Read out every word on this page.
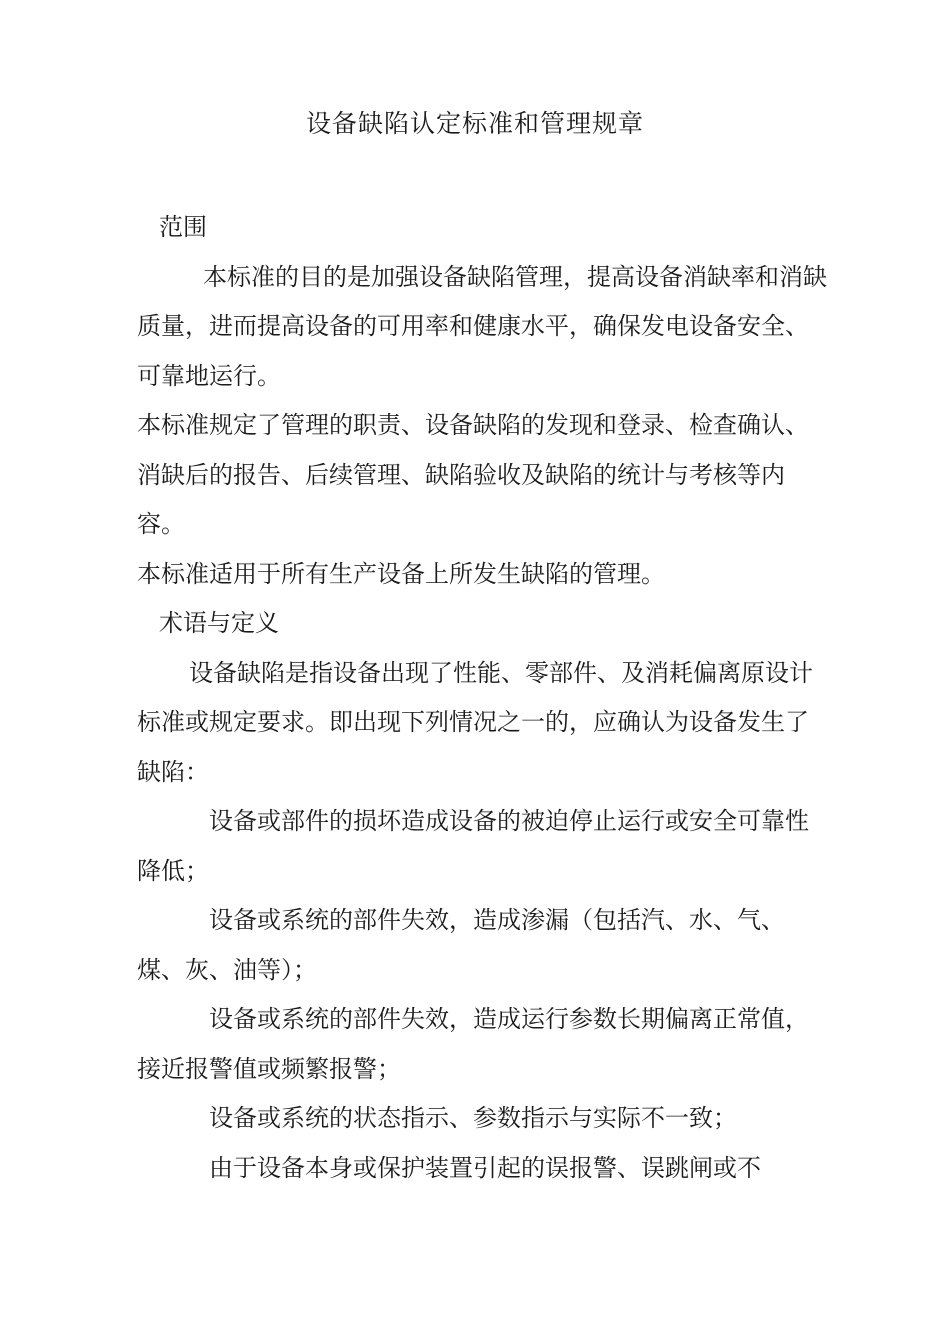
设备缺陷认定标准和管理规章

范围

本标准的目的是加强设备缺陷管理，提高设备消缺率和消缺质量，进而提高设备的可用率和健康水平，确保发电设备安全、可靠地运行。

本标准规定了管理的职责、设备缺陷的发现和登录、检查确认、消缺后的报告、后续管理、缺陷验收及缺陷的统计与考核等内容。

本标准适用于所有生产设备上所发生缺陷的管理。

术语与定义

设备缺陷是指设备出现了性能、零部件、及消耗偏离原设计标准或规定要求。即出现下列情况之一的，应确认为设备发生了缺陷：

设备或部件的损坏造成设备的被迫停止运行或安全可靠性降低；

设备或系统的部件失效，造成渗漏（包括汽、水、气、煤、灰、油等）；

设备或系统的部件失效，造成运行参数长期偏离正常值，接近报警值或频繁报警；

设备或系统的状态指示、参数指示与实际不一致；

由于设备本身或保护装置引起的误报警、误跳闸或不
